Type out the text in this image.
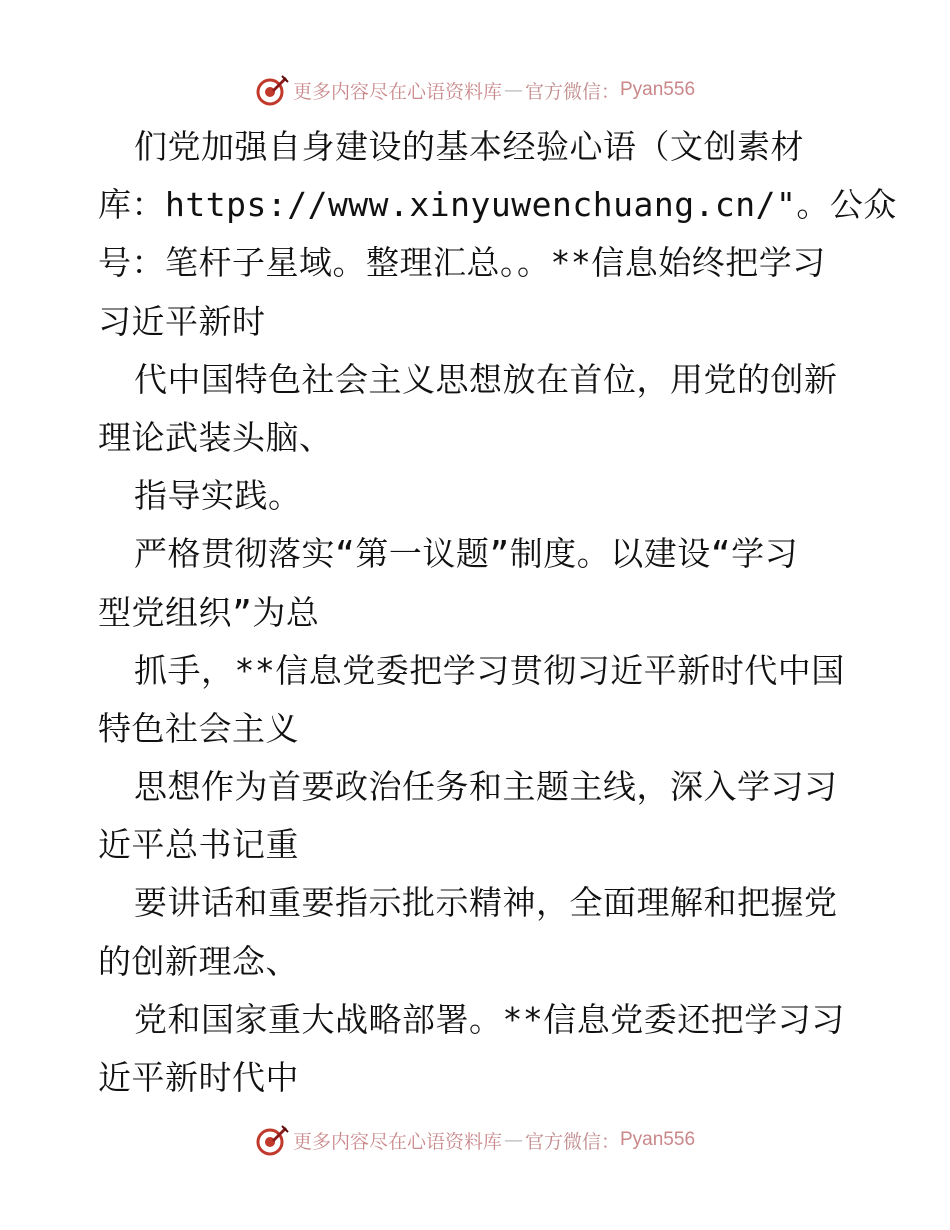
更多内容尽在心语资料库 — 官方微信： Pyan556
们党加强自身建设的基本经验心语（文创素材
库：https://www.xinyuwenchuang.cn/"。公众
号：笔杆子星域。整理汇总。。**信息始终把学习
习近平新时
代中国特色社会主义思想放在首位，用党的创新
理论武装头脑、
指导实践。
严格贯彻落实“第一议题”制度。以建设“学习
型党组织”为总
抓手，**信息党委把学习贯彻习近平新时代中国
特色社会主义
思想作为首要政治任务和主题主线，深入学习习
近平总书记重
要讲话和重要指示批示精神，全面理解和把握党
的创新理念、
党和国家重大战略部署。**信息党委还把学习习
近平新时代中
更多内容尽在心语资料库 — 官方微信： Pyan556
